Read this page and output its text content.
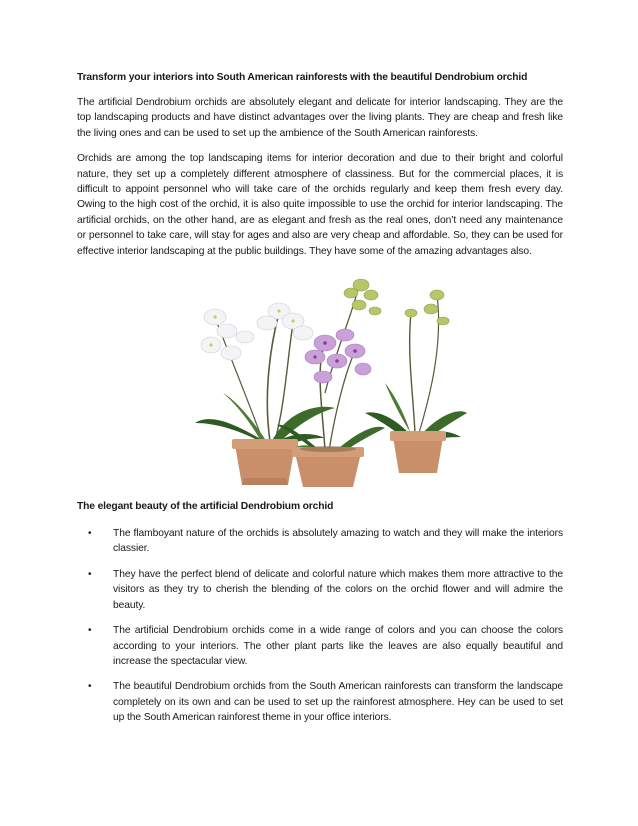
Transform your interiors into South American rainforests with the beautiful Dendrobium orchid

The artificial Dendrobium orchids are absolutely elegant and delicate for interior landscaping. They are the top landscaping products and have distinct advantages over the living plants. They are cheap and fresh like the living ones and can be used to set up the ambience of the South American rainforests.

Orchids are among the top landscaping items for interior decoration and due to their bright and colorful nature, they set up a completely different atmosphere of classiness. But for the commercial places, it is difficult to appoint personnel who will take care of the orchids regularly and keep them fresh every day. Owing to the high cost of the orchid, it is also quite impossible to use the orchid for interior landscaping. The artificial orchids, on the other hand, are as elegant and fresh as the real ones, don’t need any maintenance or personnel to take care, will stay for ages and also are very cheap and affordable. So, they can be used for effective interior landscaping at the public buildings. They have some of the amazing advantages also.

The elegant beauty of the artificial Dendrobium orchid
• The flamboyant nature of the orchids is absolutely amazing to watch and they will make the interiors classier.
• They have the perfect blend of delicate and colorful nature which makes them more attractive to the visitors as they try to cherish the blending of the colors on the orchid flower and will admire the beauty.
• The artificial Dendrobium orchids come in a wide range of colors and you can choose the colors according to your interiors. The other plant parts like the leaves are also equally beautiful and increase the spectacular view.
• The beautiful Dendrobium orchids from the South American rainforests can transform the landscape completely on its own and can be used to set up the rainforest atmosphere. Hey can be used to set up the South American rainforest theme in your office interiors.
